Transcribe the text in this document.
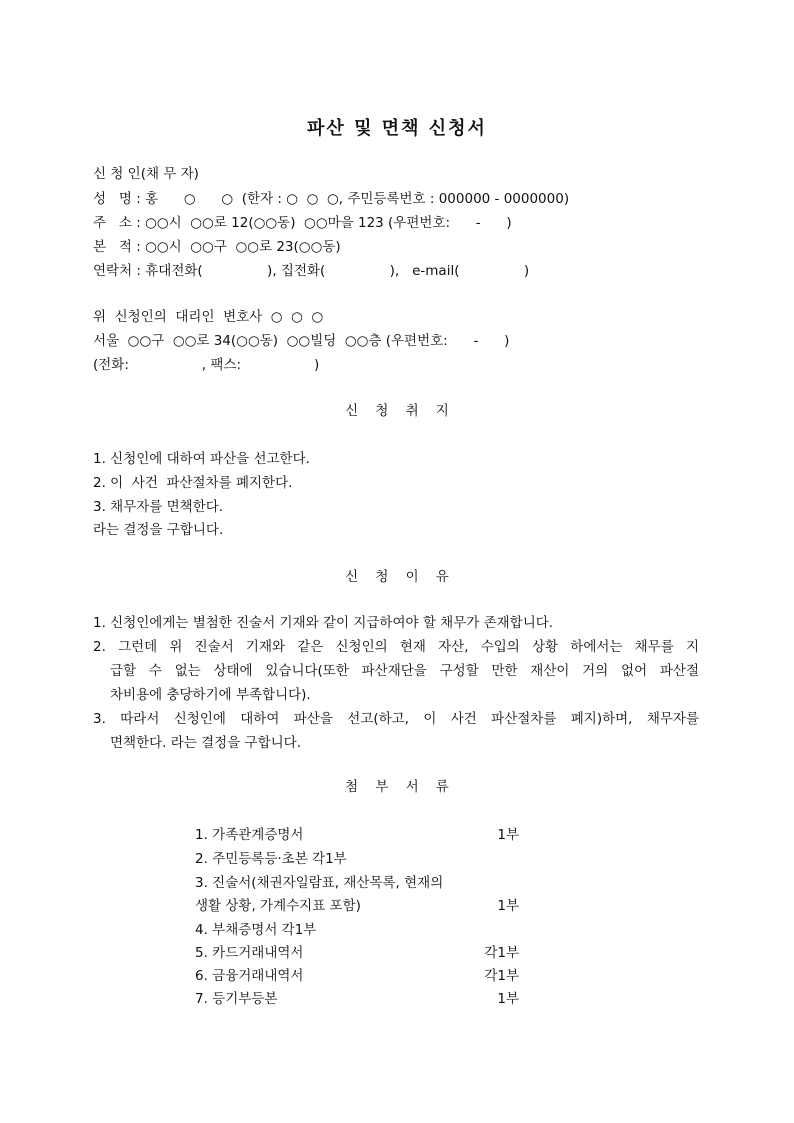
파산 및 면책 신청서
신 청 인(채 무 자)
성   명 : 홍      ○      ○  (한자 : ○  ○  ○, 주민등록번호 : 000000 - 0000000)
주   소 : ○○시  ○○로 12(○○동)  ○○마을 123 (우편번호:      -      )
본   적 : ○○시  ○○구  ○○로 23(○○동)
연락처 : 휴대전화(               ), 집전화(               ),   e-mail(               )
위  신청인의  대리인  변호사  ○  ○  ○
서울  ○○구  ○○로 34(○○동)  ○○빌딩  ○○층 (우편번호:      -      )
(전화:                 , 팩스:                 )
신    청    취    지
1. 신청인에 대하여 파산을 선고한다.
2. 이  사건  파산절차를 폐지한다.
3. 채무자를 면책한다.
라는 결정을 구합니다.
신    청    이    유
1. 신청인에게는 별첨한 진술서 기재와 같이 지급하여야 할 채무가 존재합니다.
2. 그런데 위 진술서 기재와 같은 신청인의 현재 자산, 수입의 상황 하에서는 채무를 지
급할 수 없는 상태에 있습니다(또한 파산재단을 구성할 만한 재산이 거의 없어 파산절
차비용에 충당하기에 부족합니다).
3. 따라서 신청인에 대하여 파산을 선고(하고, 이 사건 파산절차를 폐지)하며, 채무자를
면책한다. 라는 결정을 구합니다.
첨    부    서    류
1. 가족관계증명서	1부
2. 주민등록등·초본 각1부
3. 진술서(채권자일람표, 재산목록, 현재의
생활 상황, 가계수지표 포함)	1부
4. 부채증명서 각1부
5. 카드거래내역서	각1부
6. 금융거래내역서	각1부
7. 등기부등본	1부
